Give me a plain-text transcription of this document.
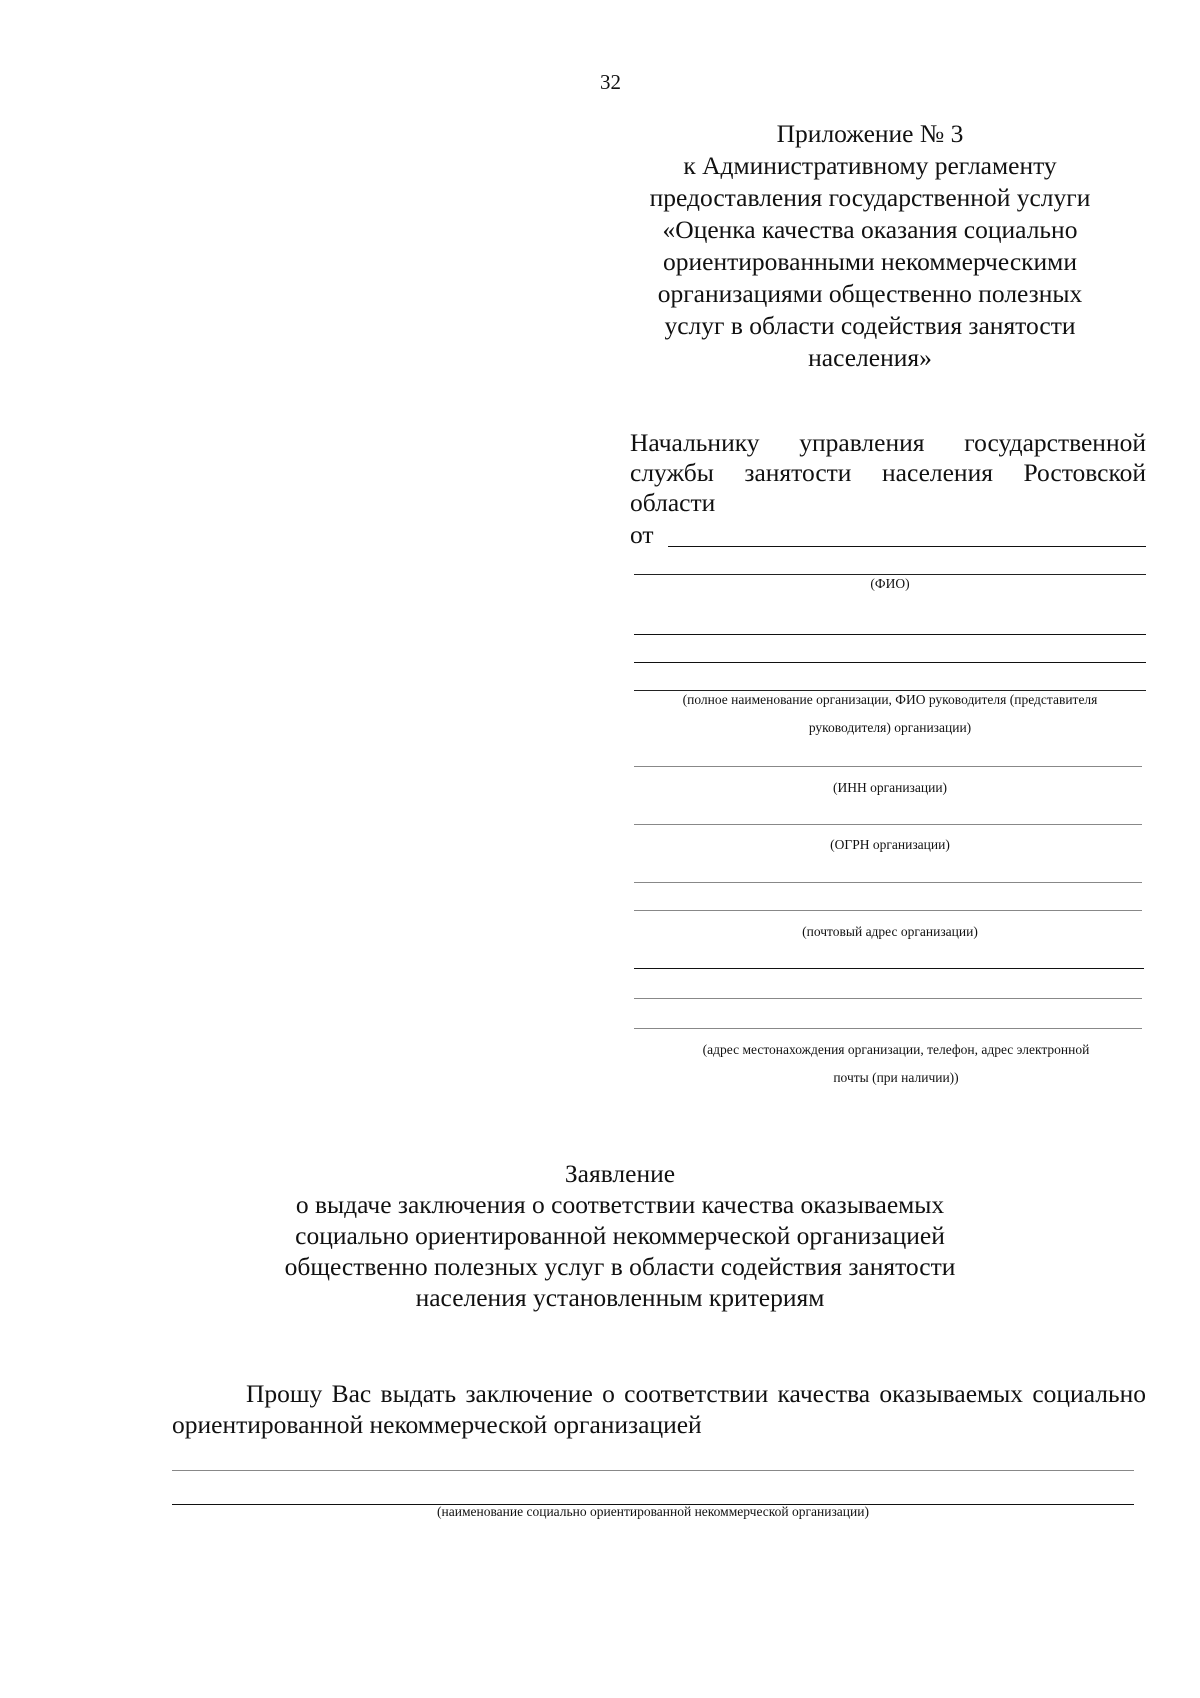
32
Приложение № 3
к Административному регламенту
предоставления государственной услуги
«Оценка качества оказания социально
ориентированными некоммерческими
организациями общественно полезных
услуг в области содействия занятости
населения»
Начальнику управления государственной службы занятости населения Ростовской области
от
(ФИО)
(полное наименование организации, ФИО руководителя (представителя
руководителя) организации)
(ИНН организации)
(ОГРН организации)
(почтовый адрес организации)
(адрес местонахождения организации, телефон, адрес электронной
почты (при наличии))
Заявление
о выдаче заключения о соответствии качества оказываемых
социально ориентированной некоммерческой организацией
общественно полезных услуг в области содействия занятости
населения установленным критериям
Прошу Вас выдать заключение о соответствии качества оказываемых социально ориентированной некоммерческой организацией
(наименование социально ориентированной некоммерческой организации)
